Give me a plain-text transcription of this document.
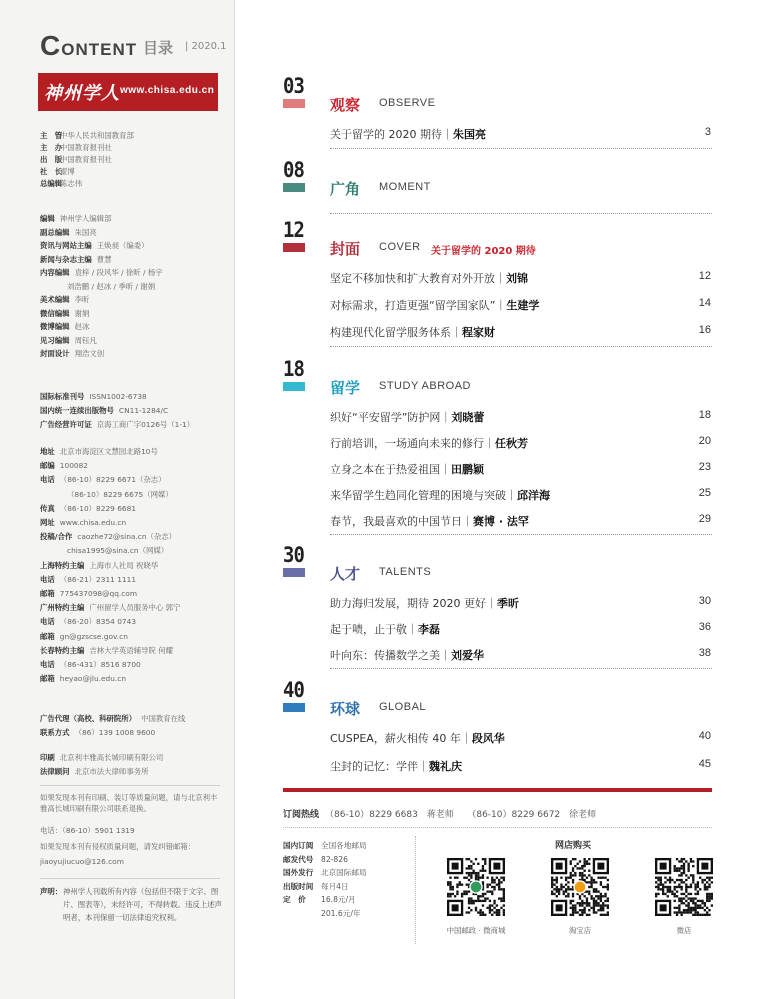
CONTENT 目录 | 2020.1
神州学人 www.chisa.edu.cn
主　管中华人民共和国教育部
主　办中国教育报刊社
出　版中国教育报刊社
社　长翟博
总编辑陈志伟
编辑 神州学人编辑部
副总编辑 朱国亮
资讯与网站主编 王焕昶（编委）
新闻与杂志主编 曹慧
内容编辑 袁梓 / 段风华 / 徐昕 / 杨宇
刘浩鹏 / 赵冰 / 季昕 / 谢娟
美术编辑 李昕
微信编辑 谢娟
微博编辑 赵冰
见习编辑 周钰凡
封面设计 翔浩文创
国际标准刊号 ISSN1002-6738
国内统一连续出版物号 CN11-1284/C
广告经营许可证 京海工商广字0126号（1-1）
地址 北京市海淀区文慧园北路10号
邮编 100082
电话 （86-10）8229 6671（杂志）
（86-10）8229 6675（网媒）
传真 （86-10）8229 6681
网址 www.chisa.edu.cn
投稿/合作 caozhe72@sina.cn（杂志）
chisa1995@sina.cn（网媒）
上海特约主编 上海市人社局 祝晓华
电话 （86-21）2311 1111
邮箱 775437098@qq.com
广州特约主编 广州留学人员服务中心 郭宁
电话 （86-20）8354 0743
邮箱 gn@gzscse.gov.cn
长春特约主编 吉林大学英语辅导院 何耀
电话 （86-431）8516 8700
邮箱 heyao@jlu.edu.cn
广告代理（高校、科研院所） 中国教育在线
联系方式 （86）139 1008 9600
印刷 北京利丰雅高长城印刷有限公司
法律顾问 北京市法大律师事务所
如果发现本刊有印刷、装订等质量问题，请与北京利丰雅高长城印刷有限公司联系退换。
电话：（86-10）5901 1319
如果发现本刊有侵权质量问题，请发纠错邮箱：
jiaoyujiucuo@126.com
声明：神州学人刊载所有内容（包括但不限于文字、图片、图表等），未经许可，不得转载。违反上述声明者，本刊保留一切法律追究权利。
03
观察 OBSERVE
关于留学的 2020 期待｜朱国亮	3
08
广角 MOMENT
12
封面 COVER 关于留学的 2020 期待
坚定不移加快和扩大教育对外开放｜刘锦	12
对标需求，打造更强“留学国家队”｜生建学	14
构建现代化留学服务体系｜程家财	16
18
留学 STUDY ABROAD
织好“平安留学”防护网｜刘晓蕾	18
行前培训，一场通向未来的修行｜任秋芳	20
立身之本在于热爱祖国｜田鹏颖	23
来华留学生趋同化管理的困境与突破｜邱洋海	25
春节，我最喜欢的中国节日｜赛博 · 法罕	29
30
人才 TALENTS
助力海归发展，期待 2020 更好｜季昕	30
起于啧，止于敬｜李磊	36
叶向东：传播数学之美｜刘爱华	38
40
环球 GLOBAL
CUSPEA，薪火相传 40 年｜段风华	40
尘封的记忆：学伴｜魏礼庆	45
订阅热线 （86-10）8229 6683　蒋老师　　（86-10）8229 6672　徐老师
国内订阅 全国各地邮局
邮发代号 82-826
国外发行 北京国际邮局
出版时间 每月4日
定　价 16.8元/月
201.6元/年
网店购买
中国邮政 · 微商城	淘宝店	微店
